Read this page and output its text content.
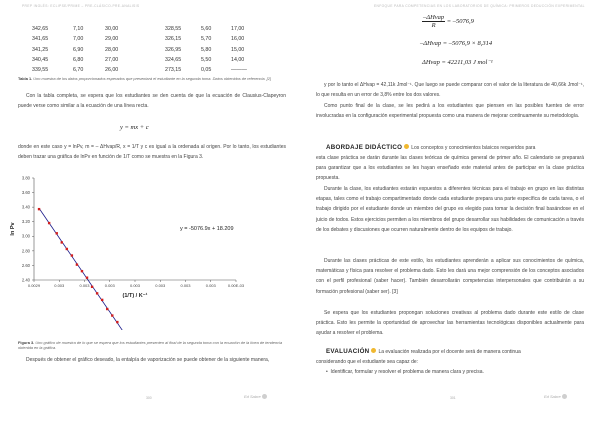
PREP INGLÉS: ECLIPSE/PRIME – PRE-CLÁSICO-PRE-ANALISIS
342,65	7,10	30,00	328,55	5,60	17,00
341,65	7,00	29,00	326,15	5,70	16,00
341,25	6,90	28,00	326,95	5,80	15,00
340,45	6,80	27,00	324,65	5,50	14,00
339,55	6,70	26,00	273,15	0,05	———
Tabla 1. Uno muestra de los datos proporcionados esperados que presentará el estudiante en la segunda toma. Datos obtenidos de referencia. [2]
Con la tabla completa, se espera que los estudiantes se den cuenta de que la ecuación de Clausius-Clapeyron puede verse como similar a la ecuación de una línea recta.
y = mx + c
donde en este caso y = lnPv, m = – ΔHvap/R, x = 1/T y c es igual a la ordenada al origen. Por lo tanto, los estudiantes deben trazar una gráfica de lnPv en función de 1/T como se muestra en la Figura 3.
3.80
3.60
3.40
3.20
3.00
2.80
2.60
2.40
0.0029	0.003	0.003	0.003	0.003	0.003	0.003	0.003	0.00E-03
ln Pv
(1/T) / K⁻¹
y = -5076.9x + 18.209
Figura 3. Uno gráfico de muestra de lo que se espera que los estudiantes presenten al final de la segunda toma con la ecuación de la línea de tendencia obtenida en la gráfica.
Después de obtener el gráfico deseado, la entalpía de vaporización se puede obtener de la siguiente manera,
300	Ed Sabre
ENFOQUE PARA COMPETENCIAS EN LOS LABORATORIOS DE QUÍMICA: PRIMEROS DEDUCCIÓN EXPERIMENTAL
$\frac{\text{–ΔHvap}}{R} = -5076,9$
–ΔHvap = –5076,9 × 8,314
ΔHvap = 42211,03 J mol⁻¹
y por lo tanto el ΔHvap = 42,11k Jmol⁻¹. Que luego se puede comparar con el valor de la literatura de 40,66k Jmol⁻¹, lo que resulta en un error de 3,8% entre los dos valores.
Como punto final de la clase, se les pedirá a los estudiantes que piensen en las posibles fuentes de error involucradas en la configuración experimental propuesta como una manera de mejorar continuamente su metodología.
ABORDAJE DIDÁCTICO Los conceptos y conocimientos básicos requeridos para
esta clase práctica se darán durante las clases teóricas de química general de primer año. El calendario se preparará para garantizar que a los estudiantes se les hayan enseñado este material antes de participar en la clase práctica propuesta.
Durante la clase, los estudiantes estarán expuestos a diferentes técnicas para el trabajo en grupo en las distintas etapas, tales como el trabajo compartimentado donde cada estudiante prepara una parte específica de cada tarea, o el trabajo dirigido por el estudiante donde un miembro del grupo es elegido para tomar la decisión final basándose en el juicio de todos. Estos ejercicios permiten a los miembros del grupo desarrollar sus habilidades de comunicación a través de los debates y discusiones que ocurren naturalmente dentro de los equipos de trabajo.
Durante las clases prácticas de este estilo, los estudiantes aprenderán a aplicar sus conocimientos de química, matemáticas y física para resolver el problema dado. Esto les dará una mejor comprensión de los conceptos asociados con el perfil profesional (saber hacer). También desarrollarán competencias interpersonales que contribuirán a su formación profesional (saber ser). [3]
Se espera que los estudiantes propongan soluciones creativas al problema dado durante este estilo de clase práctica. Esto les permite la oportunidad de aprovechar las herramientas tecnológicas disponibles actualmente para ayudar a resolver el problema.
EVALUACIÓN La evaluación realizada por el docente será de manera continua
considerando que el estudiante sea capaz de:
•  Identificar, formular y resolver el problema de manera clara y precisa.
301	Ed Sabre
